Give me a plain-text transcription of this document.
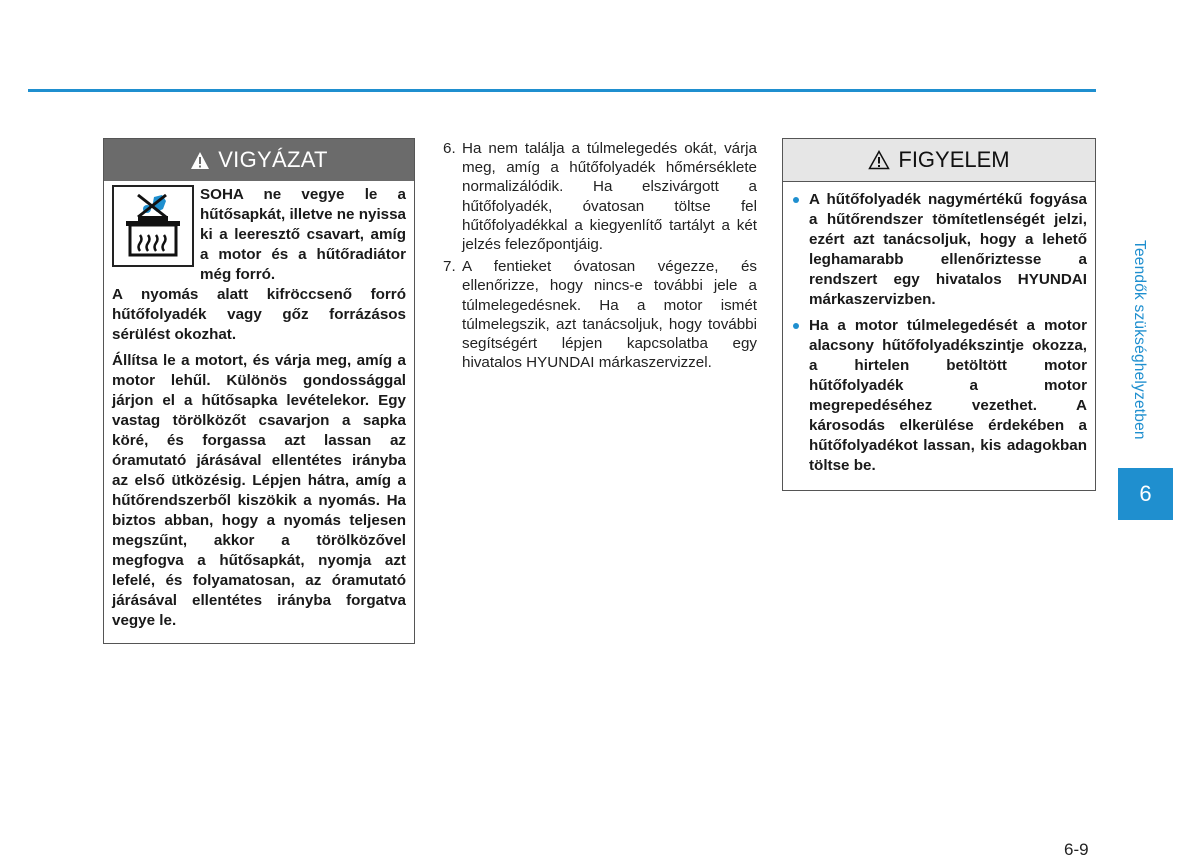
VIGYÁZAT
SOHA ne vegye le a hűtősapkát, illetve ne nyissa ki a leeresztő csavart, amíg a motor és a hűtőradiátor még forró.

A nyomás alatt kifröccsenő forró hűtőfolyadék vagy gőz forrázásos sérülést okozhat.

Állítsa le a motort, és várja meg, amíg a motor lehűl. Különös gondossággal járjon el a hűtősapka levételekor. Egy vastag törölközőt csavarjon a sapka köré, és forgassa azt lassan az óramutató járásával ellentétes irányba az első ütközésig. Lépjen hátra, amíg a hűtőrendszerből kiszökik a nyomás. Ha biztos abban, hogy a nyomás teljesen megszűnt, akkor a törölközővel megfogva a hűtősapkát, nyomja azt lefelé, és folyamatosan, az óramutató járásával ellentétes irányba forgatva vegye le.

6. Ha nem találja a túlmelegedés okát, várja meg, amíg a hűtőfolyadék hőmérséklete normalizálódik. Ha elszivárgott a hűtőfolyadék, óvatosan töltse fel hűtőfolyadékkal a kiegyenlítő tartályt a két jelzés felezőpontjáig.
7. A fentieket óvatosan végezze, és ellenőrizze, hogy nincs-e további jele a túlmelegedésnek. Ha a motor ismét túlmelegszik, azt tanácsoljuk, hogy további segítségért lépjen kapcsolatba egy hivatalos HYUNDAI márkaszervizzel.
FIGYELEM
A hűtőfolyadék nagymértékű fogyása a hűtőrendszer tömítetlenségét jelzi, ezért azt tanácsoljuk, hogy a lehető leghamarabb ellenőriztesse a rendszert egy hivatalos HYUNDAI márkaszervizben.
Ha a motor túlmelegedését a motor alacsony hűtőfolyadékszintje okozza, a hirtelen betöltött motor hűtőfolyadék a motor megrepedéséhez vezethet. A károsodás elkerülése érdekében a hűtőfolyadékot lassan, kis adagokban töltse be.
Teendők szükséghelyzetben
6
6-9
